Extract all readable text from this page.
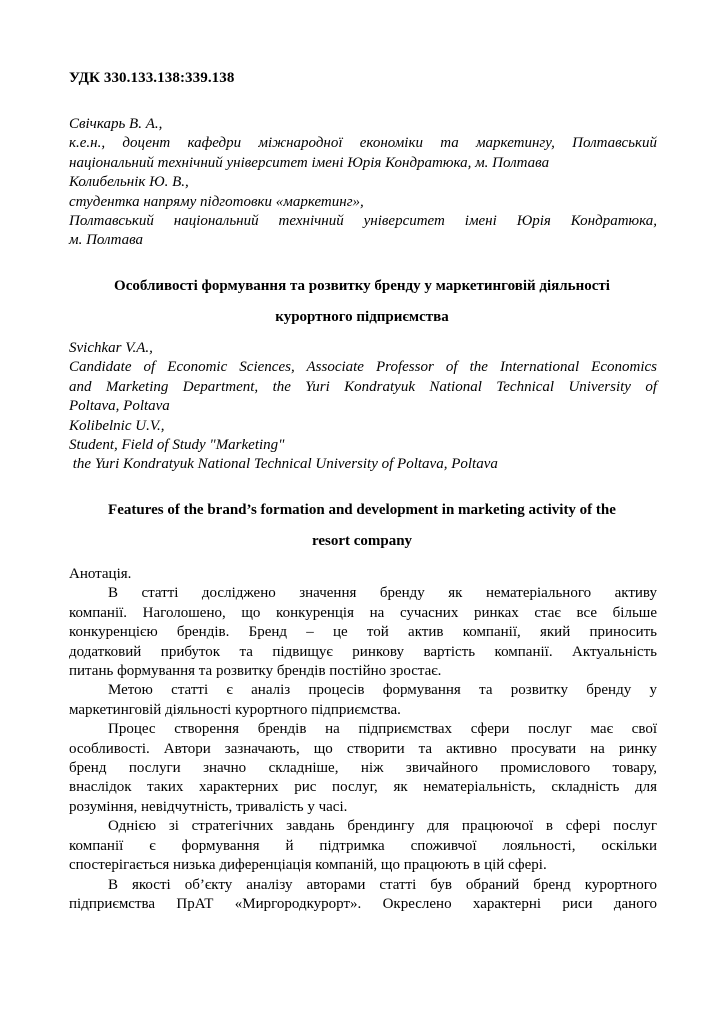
УДК 330.133.138:339.138
Свічкарь В. А.,
к.е.н., доцент кафедри міжнародної економіки та маркетингу, Полтавський
національний технічний університет імені Юрія Кондратюка, м. Полтава
Колибельнік Ю. В.,
студентка напряму підготовки «маркетинг»,
Полтавський національний технічний університет імені Юрія Кондратюка,
м. Полтава
Особливості формування та розвитку бренду у маркетинговій діяльності
курортного підприємства
Svichkar V.A.,
Candidate of Economic Sciences, Associate Professor of the International Economics
and Marketing Department, the Yuri Kondratyuk National Technical University of
Poltava, Poltava
Kolibelnic U.V.,
Student, Field of Study "Marketing"
the Yuri Kondratyuk National Technical University of Poltava, Poltava
Features of the brand’s formation and development in marketing activity of the
resort company
Анотація.
В статті досліджено значення бренду як нематеріального активу
компанії. Наголошено, що конкуренція на сучасних ринках стає все більше
конкуренцією брендів. Бренд – це той актив компанії, який приносить
додатковий прибуток та підвищує ринкову вартість компанії. Актуальність
питань формування та розвитку брендів постійно зростає.
Метою статті є аналіз процесів формування та розвитку бренду у
маркетинговій діяльності курортного підприємства.
Процес створення брендів на підприємствах сфери послуг має свої
особливості. Автори зазначають, що створити та активно просувати на ринку
бренд послуги значно складніше, ніж звичайного промислового товару,
внаслідок таких характерних рис послуг, як нематеріальність, складність для
розуміння, невідчутність, тривалість у часі.
Однією зі стратегічних завдань брендингу для працюючої в сфері послуг
компанії є формування й підтримка споживчої лояльності, оскільки
спостерігається низька диференціація компаній, що працюють в цій сфері.
В якості об’єкту аналізу авторами статті був обраний бренд курортного
підприємства ПрАТ «Миргородкурорт». Окреслено характерні риси даного
